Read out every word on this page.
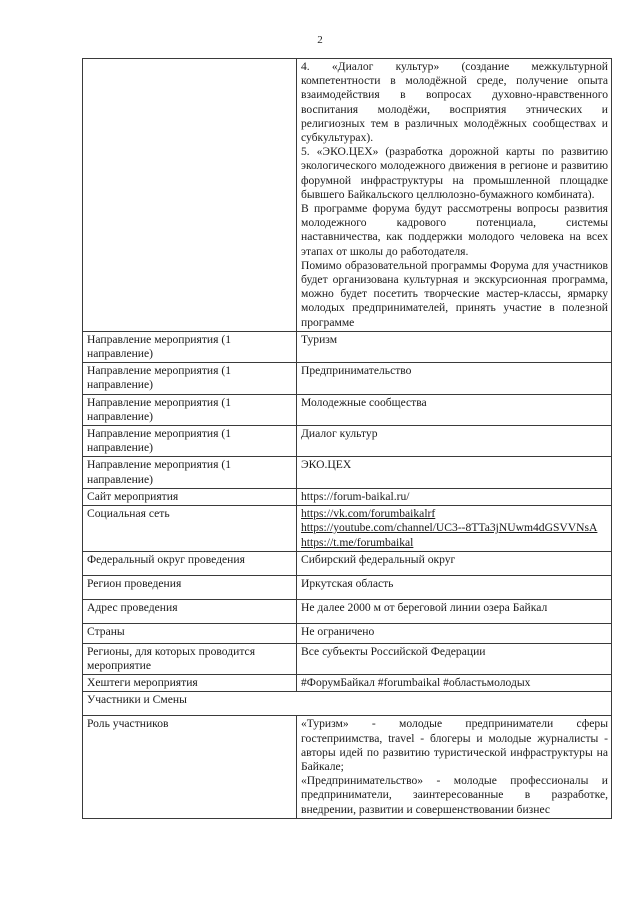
2

	4. «Диалог культур» (создание межкультурной компетентности в молодёжной среде, получение опыта взаимодействия в вопросах духовно-нравственного воспитания молодёжи, восприятия этнических и религиозных тем в различных молодёжных сообществах и субкультурах).

5. «ЭКО.ЦЕХ» (разработка дорожной карты по развитию экологического молодежного движения в регионе и развитию форумной инфраструктуры на промышленной площадке бывшего Байкальского целлюлозно-бумажного комбината).

В программе форума будут рассмотрены вопросы развития молодежного кадрового потенциала, системы наставничества, как поддержки молодого человека на всех этапах от школы до работодателя.

Помимо образовательной программы Форума для участников будет организована культурная и экскурсионная программа, можно будет посетить творческие мастер-классы, ярмарку молодых предпринимателей, принять участие в полезной программе

Направление мероприятия (1 направление)	Туризм
Направление мероприятия (1 направление)	Предпринимательство
Направление мероприятия (1 направление)	Молодежные сообщества
Направление мероприятия (1 направление)	Диалог культур
Направление мероприятия (1 направление)	ЭКО.ЦЕХ
Сайт мероприятия	https://forum-baikal.ru/
Социальная сеть	https://vk.com/forumbaikalrf
https://youtube.com/channel/UC3--8TTa3jNUwm4dGSVVNsA
https://t.me/forumbaikal

Федеральный округ проведения	Сибирский федеральный округ
Регион проведения	Иркутская область
Адрес проведения	Не далее 2000 м от береговой линии озера Байкал
Страны	Не ограничено
Регионы, для которых проводится мероприятие	Все субъекты Российской Федерации
Хештеги мероприятия	#ФорумБайкал #forumbaikal #областьмолодых
Участники и Смены	
Роль участников	«Туризм» - молодые предприниматели сферы гостеприимства, travel - блогеры и молодые журналисты - авторы идей по развитию туристической инфраструктуры на Байкале;

«Предпринимательство» - молодые профессионалы и предприниматели, заинтересованные в разработке, внедрении, развитии и совершенствовании бизнес
